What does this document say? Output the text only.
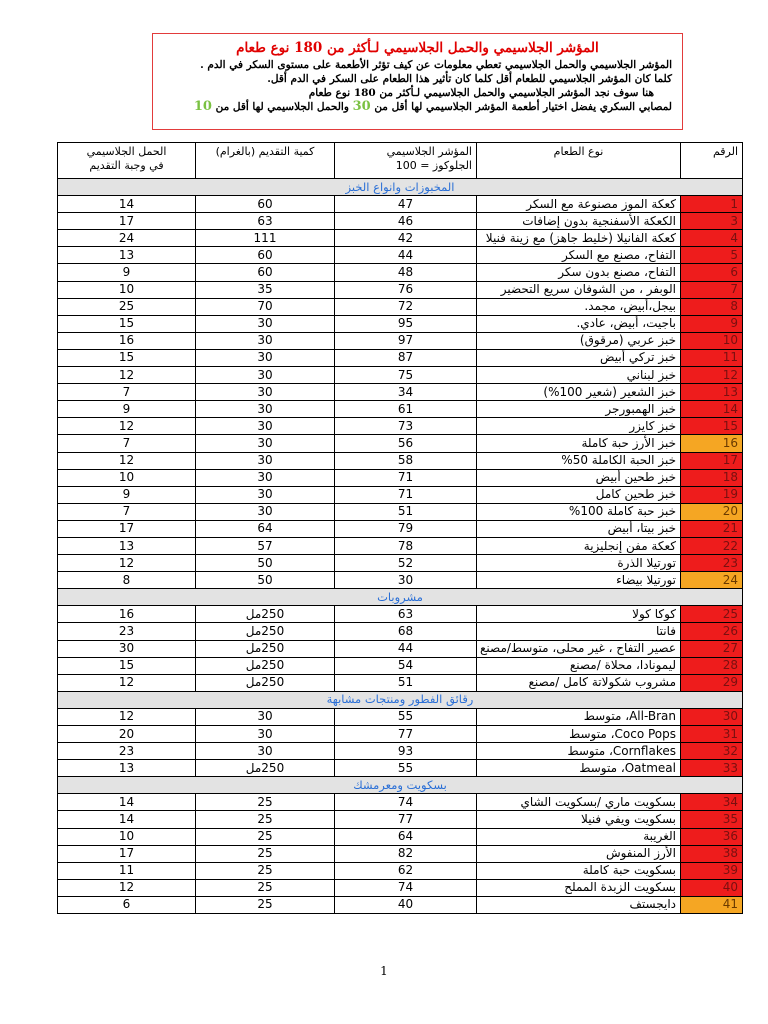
المؤشر الجلاسيمي والحمل الجلاسيمي لـأكثر من 180 نوع طعام
المؤشر الجلاسيمي والحمل الجلاسيمي تعطي معلومات عن كيف تؤثر الأطعمة على مستوى السكر في الدم .
كلما كان المؤشر الجلاسيمي للطعام أقل كلما كان تأثير هذا الطعام على السكر في الدم أقل.
هنا سوف نجد المؤشر الجلاسيمي والحمل الجلاسيمي لـأكثر من 180 نوع طعام
لمصابي السكري يفضل اختيار أطعمة المؤشر الجلاسيمي لها أقل من 30 والحمل الجلاسيمي لها أقل من 10
الرقم	نوع الطعام	المؤشر الجلاسيمي
الجلوكوز = 100	كمية التقديم (بالغرام)	الحمل الجلاسيمي
في وجبة التقديم
المخبوزات وانواع الخبز				
1	كعكة الموز مصنوعة مع السكر	47	60	14
3	الكعكة الأسفنجية بدون إضافات	46	63	17
4	كعكة الفانيلا (خليط جاهز) مع زينة فنيلا	42	111	24
5	التفاح، مصنع مع السكر	44	60	13
6	التفاح، مصنع بدون سكر	48	60	9
7	الوبفر ، من الشوفان سريع التحضير	76	35	10
8	بيجل،أبيض، مجمد.	72	70	25
9	باجيت، أبيض، عادي.	95	30	15
10	خبز عربي (مرقوق)	97	30	16
11	خبز تركي أبيض	87	30	15
12	خبز لبناني	75	30	12
13	خبز الشعير (شعير 100%)	34	30	7
14	خبز الهمبورجر	61	30	9
15	خبز كايزر	73	30	12
16	خبز الأرز حبة كاملة	56	30	7
17	خبز الحبة الكاملة 50%	58	30	12
18	خبز طحين أبيض	71	30	10
19	خبز طحين كامل	71	30	9
20	خبز حبة كاملة 100%	51	30	7
21	خبز بيتا، أبيض	79	64	17
22	كعكة مفن إنجليزية	78	57	13
23	تورتيلا الذرة	52	50	12
24	تورتيلا بيضاء	30	50	8
مشروبات				
25	كوكا كولا	63	250مل	16
26	فانتا	68	250مل	23
27	عصير التفاح ، غير محلى، متوسط/مصنع	44	250مل	30
28	ليمونادا، محلاة /مصنع	54	250مل	15
29	مشروب شكولاتة كامل /مصنع	51	250مل	12
رقائق الفطور ومنتجات مشابهة				
30	All-Bran، متوسط	55	30	12
31	Coco Pops، متوسط	77	30	20
32	Cornflakes، متوسط	93	30	23
33	Oatmeal، متوسط	55	250مل	13
بسكويت ومعرمشك				
34	بسكويت ماري /بسكويت الشاي	74	25	14
35	بسكويت ويفي فنيلا	77	25	14
36	الغريبة	64	25	10
38	الأرز المنفوش	82	25	17
39	بسكويت حبة كاملة	62	25	11
40	بسكويت الزبدة المملح	74	25	12
41	دايجستف	40	25	6
1
